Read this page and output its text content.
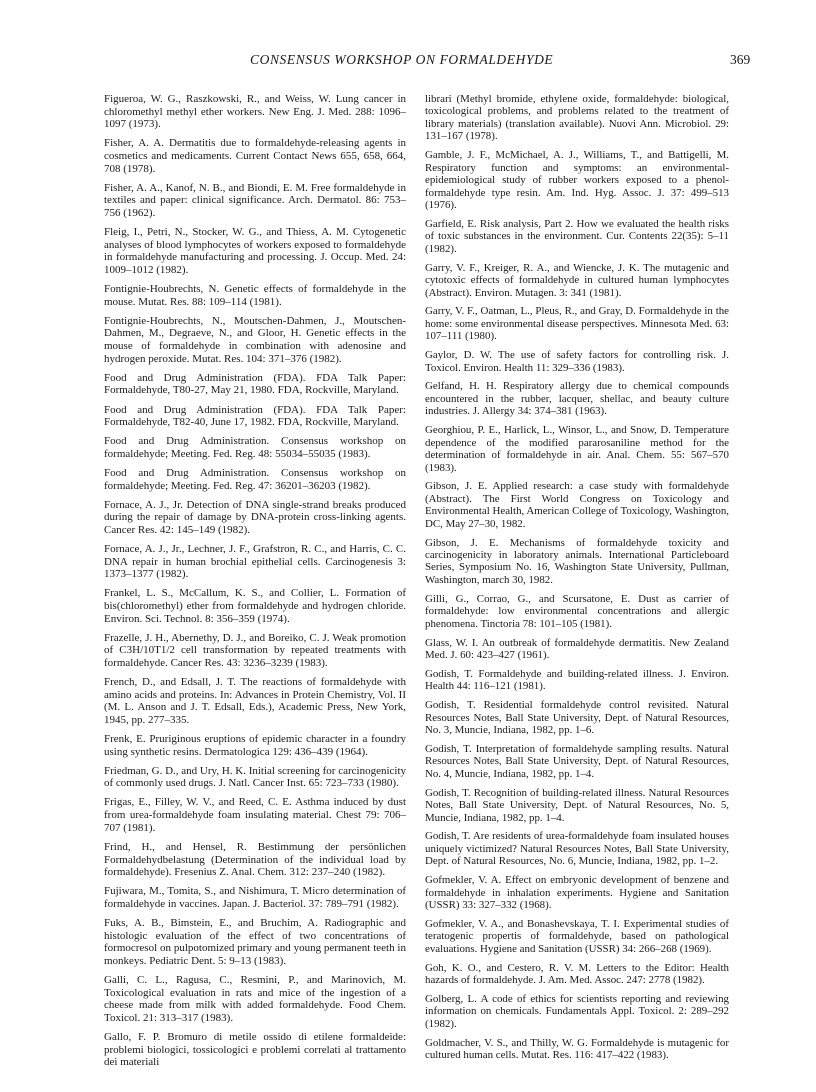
CONSENSUS WORKSHOP ON FORMALDEHYDE	369

Figueroa, W. G., Raszkowski, R., and Weiss, W. Lung cancer in chloromethyl methyl ether workers. New Eng. J. Med. 288: 1096–1097 (1973).

Fisher, A. A. Dermatitis due to formaldehyde-releasing agents in cosmetics and medicaments. Current Contact News 655, 658, 664, 708 (1978).

Fisher, A. A., Kanof, N. B., and Biondi, E. M. Free formaldehyde in textiles and paper: clinical significance. Arch. Dermatol. 86: 753–756 (1962).

Fleig, I., Petri, N., Stocker, W. G., and Thiess, A. M. Cytogenetic analyses of blood lymphocytes of workers exposed to formaldehyde in formaldehyde manufacturing and processing. J. Occup. Med. 24: 1009–1012 (1982).

Fontignie-Houbrechts, N. Genetic effects of formaldehyde in the mouse. Mutat. Res. 88: 109–114 (1981).

Fontignie-Houbrechts, N., Moutschen-Dahmen, J., Moutschen-Dahmen, M., Degraeve, N., and Gloor, H. Genetic effects in the mouse of formaldehyde in combination with adenosine and hydrogen peroxide. Mutat. Res. 104: 371–376 (1982).

Food and Drug Administration (FDA). FDA Talk Paper: Formaldehyde, T80-27, May 21, 1980. FDA, Rockville, Maryland.

Food and Drug Administration (FDA). FDA Talk Paper: Formaldehyde, T82-40, June 17, 1982. FDA, Rockville, Maryland.

Food and Drug Administration. Consensus workshop on formaldehyde; Meeting. Fed. Reg. 48: 55034–55035 (1983).

Food and Drug Administration. Consensus workshop on formaldehyde; Meeting. Fed. Reg. 47: 36201–36203 (1982).

Fornace, A. J., Jr. Detection of DNA single-strand breaks produced during the repair of damage by DNA-protein cross-linking agents. Cancer Res. 42: 145–149 (1982).

Fornace, A. J., Jr., Lechner, J. F., Grafstron, R. C., and Harris, C. C. DNA repair in human brochial epithelial cells. Carcinogenesis 3: 1373–1377 (1982).

Frankel, L. S., McCallum, K. S., and Collier, L. Formation of bis(chloromethyl) ether from formaldehyde and hydrogen chloride. Environ. Sci. Technol. 8: 356–359 (1974).

Frazelle, J. H., Abernethy, D. J., and Boreiko, C. J. Weak promotion of C3H/10T1/2 cell transformation by repeated treatments with formaldehyde. Cancer Res. 43: 3236–3239 (1983).

French, D., and Edsall, J. T. The reactions of formaldehyde with amino acids and proteins. In: Advances in Protein Chemistry, Vol. II (M. L. Anson and J. T. Edsall, Eds.), Academic Press, New York, 1945, pp. 277–335.

Frenk, E. Pruriginous eruptions of epidemic character in a foundry using synthetic resins. Dermatologica 129: 436–439 (1964).

Friedman, G. D., and Ury, H. K. Initial screening for carcinogenicity of commonly used drugs. J. Natl. Cancer Inst. 65: 723–733 (1980).

Frigas, E., Filley, W. V., and Reed, C. E. Asthma induced by dust from urea-formaldehyde foam insulating material. Chest 79: 706–707 (1981).

Frind, H., and Hensel, R. Bestimmung der persönlichen Formaldehydbelastung (Determination of the individual load by formaldehyde). Fresenius Z. Anal. Chem. 312: 237–240 (1982).

Fujiwara, M., Tomita, S., and Nishimura, T. Micro determination of formaldehyde in vaccines. Japan. J. Bacteriol. 37: 789–791 (1982).

Fuks, A. B., Bimstein, E., and Bruchim, A. Radiographic and histologic evaluation of the effect of two concentrations of formocresol on pulpotomized primary and young permanent teeth in monkeys. Pediatric Dent. 5: 9–13 (1983).

Galli, C. L., Ragusa, C., Resmini, P., and Marinovich, M. Toxicological evaluation in rats and mice of the ingestion of a cheese made from milk with added formaldehyde. Food Chem. Toxicol. 21: 313–317 (1983).

Gallo, F. P. Bromuro di metile ossido di etilene formaldeide: problemi biologici, tossicologici e problemi correlati al trattamento dei materiali

librari (Methyl bromide, ethylene oxide, formaldehyde: biological, toxicological problems, and problems related to the treatment of library materials) (translation available). Nuovi Ann. Microbiol. 29: 131–167 (1978).

Gamble, J. F., McMichael, A. J., Williams, T., and Battigelli, M. Respiratory function and symptoms: an environmental-epidemiological study of rubber workers exposed to a phenol-formaldehyde type resin. Am. Ind. Hyg. Assoc. J. 37: 499–513 (1976).

Garfield, E. Risk analysis, Part 2. How we evaluated the health risks of toxic substances in the environment. Cur. Contents 22(35): 5–11 (1982).

Garry, V. F., Kreiger, R. A., and Wiencke, J. K. The mutagenic and cytotoxic effects of formaldehyde in cultured human lymphocytes (Abstract). Environ. Mutagen. 3: 341 (1981).

Garry, V. F., Oatman, L., Pleus, R., and Gray, D. Formaldehyde in the home: some environmental disease perspectives. Minnesota Med. 63: 107–111 (1980).

Gaylor, D. W. The use of safety factors for controlling risk. J. Toxicol. Environ. Health 11: 329–336 (1983).

Gelfand, H. H. Respiratory allergy due to chemical compounds encountered in the rubber, lacquer, shellac, and beauty culture industries. J. Allergy 34: 374–381 (1963).

Georghiou, P. E., Harlick, L., Winsor, L., and Snow, D. Temperature dependence of the modified pararosaniline method for the determination of formaldehyde in air. Anal. Chem. 55: 567–570 (1983).

Gibson, J. E. Applied research: a case study with formaldehyde (Abstract). The First World Congress on Toxicology and Environmental Health, American College of Toxicology, Washington, DC, May 27–30, 1982.

Gibson, J. E. Mechanisms of formaldehyde toxicity and carcinogenicity in laboratory animals. International Particleboard Series, Symposium No. 16, Washington State University, Pullman, Washington, march 30, 1982.

Gilli, G., Corrao, G., and Scursatone, E. Dust as carrier of formaldehyde: low environmental concentrations and allergic phenomena. Tinctoria 78: 101–105 (1981).

Glass, W. I. An outbreak of formaldehyde dermatitis. New Zealand Med. J. 60: 423–427 (1961).

Godish, T. Formaldehyde and building-related illness. J. Environ. Health 44: 116–121 (1981).

Godish, T. Residential formaldehyde control revisited. Natural Resources Notes, Ball State University, Dept. of Natural Resources, No. 3, Muncie, Indiana, 1982, pp. 1–6.

Godish, T. Interpretation of formaldehyde sampling results. Natural Resources Notes, Ball State University, Dept. of Natural Resources, No. 4, Muncie, Indiana, 1982, pp. 1–4.

Godish, T. Recognition of building-related illness. Natural Resources Notes, Ball State University, Dept. of Natural Resources, No. 5, Muncie, Indiana, 1982, pp. 1–4.

Godish, T. Are residents of urea-formaldehyde foam insulated houses uniquely victimized? Natural Resources Notes, Ball State University, Dept. of Natural Resources, No. 6, Muncie, Indiana, 1982, pp. 1–2.

Gofmekler, V. A. Effect on embryonic development of benzene and formaldehyde in inhalation experiments. Hygiene and Sanitation (USSR) 33: 327–332 (1968).

Gofmekler, V. A., and Bonashevskaya, T. I. Experimental studies of teratogenic propertis of formaldehyde, based on pathological evaluations. Hygiene and Sanitation (USSR) 34: 266–268 (1969).

Goh, K. O., and Cestero, R. V. M. Letters to the Editor: Health hazards of formaldehyde. J. Am. Med. Assoc. 247: 2778 (1982).

Golberg, L. A code of ethics for scientists reporting and reviewing information on chemicals. Fundamentals Appl. Toxicol. 2: 289–292 (1982).

Goldmacher, V. S., and Thilly, W. G. Formaldehyde is mutagenic for cultured human cells. Mutat. Res. 116: 417–422 (1983).
